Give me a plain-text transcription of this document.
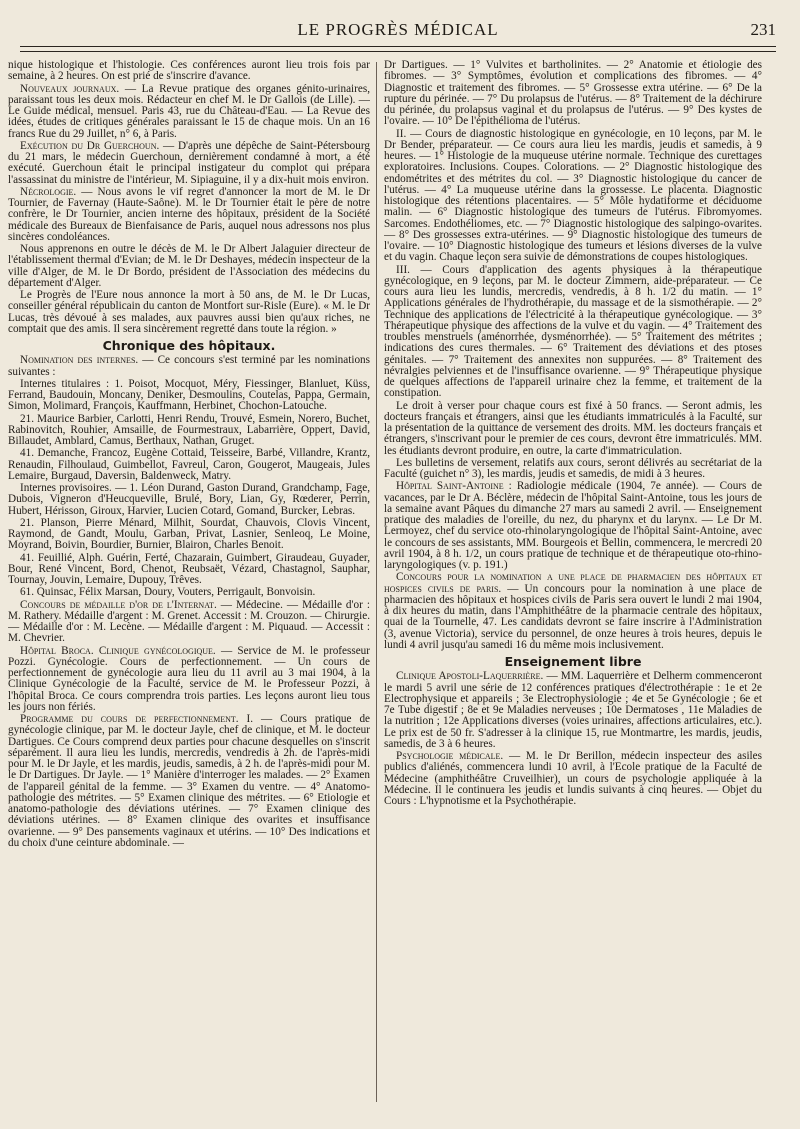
LE PROGRÈS MÉDICAL	231

nique histologique et l'histologie. Ces conférences auront lieu trois fois par semaine, à 2 heures. On est prié de s'inscrire d'avance.

Nouveaux journaux. — La Revue pratique des organes génito-urinaires, paraissant tous les deux mois. Rédacteur en chef M. le Dr Gallois (de Lille). — Le Guide médical, mensuel. Paris 43, rue du Château-d'Eau. — La Revue des idées, études de critiques générales paraissant le 15 de chaque mois. Un an 16 francs Rue du 29 Juillet, n° 6, à Paris.

Exécution du Dr Guerchoun. — D'après une dépêche de Saint-Pétersbourg du 21 mars, le médecin Guerchoun, dernièrement condamné à mort, a été exécuté. Guerchoun était le principal instigateur du complot qui prépara l'assassinat du ministre de l'intérieur, M. Sipiaguine, il y a dix-huit mois environ.

Nécrologie. — Nous avons le vif regret d'annoncer la mort de M. le Dr Tournier, de Favernay (Haute-Saône). M. le Dr Tournier était le père de notre confrère, le Dr Tournier, ancien interne des hôpitaux, président de la Société médicale des Bureaux de Bienfaisance de Paris, auquel nous adressons nos plus sincères condoléances.

Nous apprenons en outre le décès de M. le Dr Albert Jalaguier directeur de l'établissement thermal d'Evian; de M. le Dr Deshayes, médecin inspecteur de la ville d'Alger, de M. le Dr Bordo, président de l'Association des médecins du département d'Alger.

Le Progrès de l'Eure nous annonce la mort à 50 ans, de M. le Dr Lucas, conseiller général républicain du canton de Montfort sur-Risle (Eure). « M. le Dr Lucas, très dévoué à ses malades, aux pauvres aussi bien qu'aux riches, ne comptait que des amis. Il sera sincèrement regretté dans toute la région. »

Chronique des hôpitaux.

Nomination des internes. — Ce concours s'est terminé par les nominations suivantes :

Internes titulaires : 1. Poisot, Mocquot, Méry, Fiessinger, Blanluet, Küss, Ferrand, Baudouin, Moncany, Deniker, Desmoulins, Coutelas, Pappa, Germain, Simon, Molimard, François, Kauffmann, Herbinet, Chochon-Latouche.

21. Maurice Barbier, Carlotti, Henri Rendu, Trouvé, Esmein, Norero, Buchet, Rabinovitch, Rouhier, Amsaille, de Fourmestraux, Labarrière, Oppert, David, Billaudet, Amblard, Camus, Berthaux, Nathan, Gruget.

41. Demanche, Francoz, Eugène Cottaid, Teisseire, Barbé, Villandre, Krantz, Renaudin, Filhoulaud, Guimbellot, Favreul, Caron, Gougerot, Maugeais, Jules Lemaire, Burgaud, Daversin, Baldenweck, Matry.

Internes provisoires. — 1. Léon Durand, Gaston Durand, Grandchamp, Fage, Dubois, Vigneron d'Heucqueville, Brulé, Bory, Lian, Gy, Rœderer, Perrin, Hubert, Hérisson, Giroux, Harvier, Lucien Cotard, Gomand, Burcker, Lebras.

21. Planson, Pierre Ménard, Milhit, Sourdat, Chauvois, Clovis Vincent, Raymond, de Gandt, Moulu, Garban, Privat, Lasnier, Senleoq, Le Moine, Moyrand, Boivin, Bourdier, Burnier, Blairon, Charles Benoit.

41. Feuillié, Alph. Guérin, Ferté, Chazarain, Guimbert, Giraudeau, Guyader, Bour, René Vincent, Bord, Chenot, Reubsaët, Vézard, Chastagnol, Sauphar, Tournay, Jouvin, Lemaire, Dupouy, Trêves.

61. Quinsac, Félix Marsan, Doury, Vouters, Perrigault, Bonvoisin.

Concours de médaille d'or de l'Internat. — Médecine. — Médaille d'or : M. Rathery. Médaille d'argent : M. Grenet. Accessit : M. Crouzon. — Chirurgie. — Médaille d'or : M. Lecène. — Médaille d'argent : M. Piquaud. — Accessit : M. Chevrier.

Hôpital Broca. Clinique gynécologique. — Service de M. le professeur Pozzi. Gynécologie. Cours de perfectionnement. — Un cours de perfectionnement de gynécologie aura lieu du 11 avril au 3 mai 1904, à la Clinique Gynécologie de la Faculté, service de M. le Professeur Pozzi, à l'hôpital Broca. Ce cours comprendra trois parties. Les leçons auront lieu tous les jours non fériés.

Programme du cours de perfectionnement. I. — Cours pratique de gynécologie clinique, par M. le docteur Jayle, chef de clinique, et M. le docteur Dartigues. Ce Cours comprend deux parties pour chacune desquelles on s'inscrit séparément. Il aura lieu les lundis, mercredis, vendredis à 2h. de l'après-midi pour M. le Dr Jayle, et les mardis, jeudis, samedis, à 2 h. de l'après-midi pour M. le Dr Dartigues. Dr Jayle. — 1° Manière d'interroger les malades. — 2° Examen de l'appareil génital de la femme. — 3° Examen du ventre. — 4° Anatomo-pathologie des métrites. — 5° Examen clinique des métrites. — 6° Etiologie et anatomo-pathologie des déviations utérines. — 7° Examen clinique des déviations utérines. — 8° Examen clinique des ovarites et insuffisance ovarienne. — 9° Des pansements vaginaux et utérins. — 10° Des indications et du choix d'une ceinture abdominale. —

Dr Dartigues. — 1° Vulvites et bartholinites. — 2° Anatomie et étiologie des fibromes. — 3° Symptômes, évolution et complications des fibromes. — 4° Diagnostic et traitement des fibromes. — 5° Grossesse extra utérine. — 6° De la rupture du périnée. — 7° Du prolapsus de l'utérus. — 8° Traitement de la déchirure du périnée, du prolapsus vaginal et du prolapsus de l'utérus. — 9° Des kystes de l'ovaire. — 10° De l'épithélioma de l'utérus.

II. — Cours de diagnostic histologique en gynécologie, en 10 leçons, par M. le Dr Bender, préparateur. — Ce cours aura lieu les mardis, jeudis et samedis, à 9 heures. — 1° Histologie de la muqueuse utérine normale. Technique des curettages exploratoires. Inclusions. Coupes. Colorations. — 2° Diagnostic histologique des endométrites et des métrites du col. — 3° Diagnostic histologique du cancer de l'utérus. — 4° La muqueuse utérine dans la grossesse. Le placenta. Diagnostic histologique des rétentions placentaires. — 5° Môle hydatiforme et déciduome malin. — 6° Diagnostic histologique des tumeurs de l'utérus. Fibromyomes. Sarcomes. Endothéliomes, etc. — 7° Diagnostic histologique des salpingo-ovarites. — 8° Des grossesses extra-utérines. — 9° Diagnostic histologique des tumeurs de l'ovaire. — 10° Diagnostic histologique des tumeurs et lésions diverses de la vulve et du vagin. Chaque leçon sera suivie de démonstrations de coupes histologiques.

III. — Cours d'application des agents physiques à la thérapeutique gynécologique, en 9 leçons, par M. le docteur Zimmern, aide-préparateur. — Ce cours aura lieu les lundis, mercredis, vendredis, à 8 h. 1/2 du matin. — 1° Applications générales de l'hydrothérapie, du massage et de la sismothérapie. — 2° Technique des applications de l'électricité à la thérapeutique gynécologique. — 3° Thérapeutique physique des affections de la vulve et du vagin. — 4° Traitement des troubles menstruels (aménorrhée, dysménorrhée). — 5° Traitement des métrites ; indications des cures thermales. — 6° Traitement des déviations et des ptoses génitales. — 7° Traitement des annexites non suppurées. — 8° Traitement des névralgies pelviennes et de l'insuffisance ovarienne. — 9° Thérapeutique physique de quelques affections de l'appareil urinaire chez la femme, et traitement de la constipation.

Le droit à verser pour chaque cours est fixé à 50 francs. — Seront admis, les docteurs français et étrangers, ainsi que les étudiants immatriculés à la Faculté, sur la présentation de la quittance de versement des droits. MM. les docteurs français et étrangers, s'inscrivant pour le premier de ces cours, devront être immatriculés. MM. les étudiants devront produire, en outre, la carte d'immatriculation.

Les bulletins de versement, relatifs aux cours, seront délivrés au secrétariat de la Faculté (guichet n° 3), les mardis, jeudis et samedis, de midi à 3 heures.

Hôpital Saint-Antoine : Radiologie médicale (1904, 7e année). — Cours de vacances, par le Dr A. Béclère, médecin de l'hôpital Saint-Antoine, tous les jours de la semaine avant Pâques du dimanche 27 mars au samedi 2 avril. — Enseignement pratique des maladies de l'oreille, du nez, du pharynx et du larynx. — Le Dr M. Lermoyez, chef du service oto-rhinolaryngologique de l'hôpital Saint-Antoine, avec le concours de ses assistants, MM. Bourgeois et Bellin, commencera, le mercredi 20 avril 1904, à 8 h. 1/2, un cours pratique de technique et de thérapeutique oto-rhino-laryngologiques (v. p. 191.)

Concours pour la nomination a une place de pharmacien des hôpitaux et hospices civils de paris. — Un concours pour la nomination à une place de pharmacien des hôpitaux et hospices civils de Paris sera ouvert le lundi 2 mai 1904, à dix heures du matin, dans l'Amphithéâtre de la pharmacie centrale des hôpitaux, quai de la Tournelle, 47. Les candidats devront se faire inscrire à l'Administration (3, avenue Victoria), service du personnel, de onze heures à trois heures, depuis le lundi 4 avril jusqu'au samedi 16 du même mois inclusivement.

Enseignement libre

Clinique Apostoli-Laquerrière. — MM. Laquerrière et Delherm commenceront le mardi 5 avril une série de 12 conférences pratiques d'électrothérapie : 1e et 2e Electrophysique et appareils ; 3e Electrophysiologie ; 4e et 5e Gynécologie ; 6e et 7e Tube digestif ; 8e et 9e Maladies nerveuses ; 10e Dermatoses , 11e Maladies de la nutrition ; 12e Applications diverses (voies urinaires, affections articulaires, etc.). Le prix est de 50 fr. S'adresser à la clinique 15, rue Montmartre, les mardis, jeudis, samedis, de 3 à 6 heures.

Psychologie médicale. — M. le Dr Berillon, médecin inspecteur des asiles publics d'aliénés, commencera lundi 10 avril, à l'Ecole pratique de la Faculté de Médecine (amphithéâtre Cruveilhier), un cours de psychologie appliquée à la Médecine. Il le continuera les jeudis et lundis suivants à cinq heures. — Objet du Cours : L'hypnotisme et la Psychothérapie.
